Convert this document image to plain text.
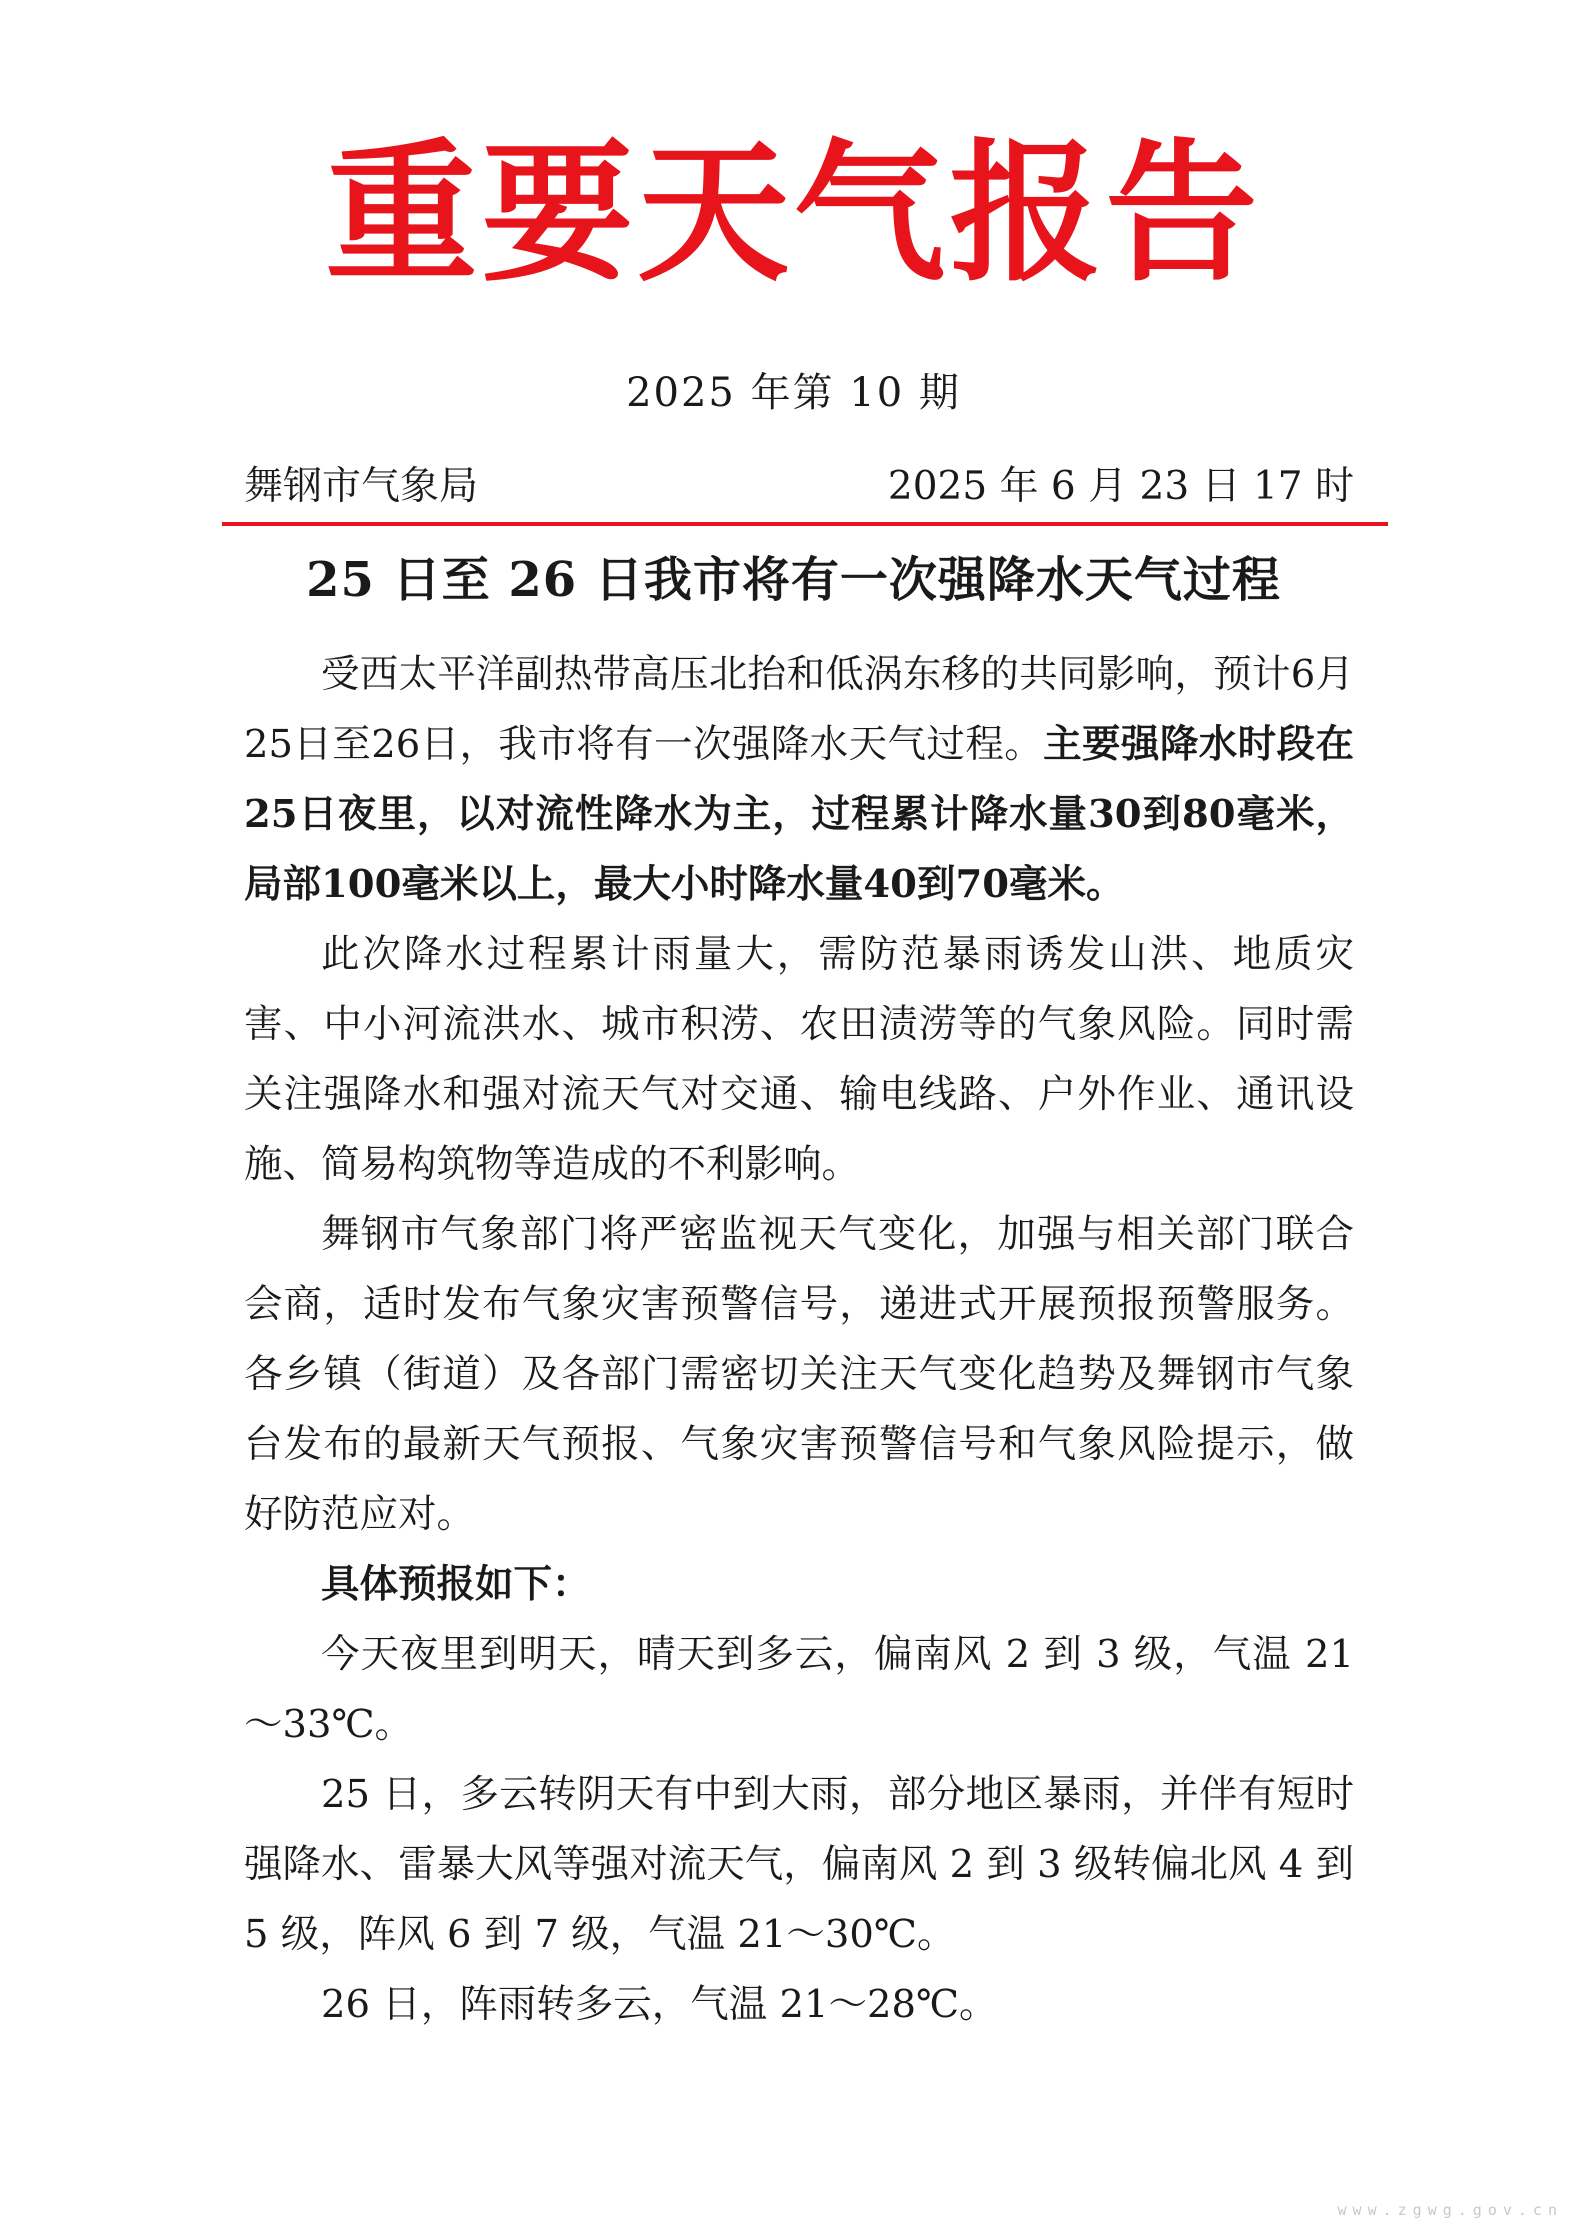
重要天气报告
2025 年第 10 期
舞钢市气象局	2025 年 6 月 23 日 17 时
25 日至 26 日我市将有一次强降水天气过程

受西太平洋副热带高压北抬和低涡东移的共同影响，预计6月25日至26日，我市将有一次强降水天气过程。主要强降水时段在25日夜里，以对流性降水为主，过程累计降水量30到80毫米，局部100毫米以上，最大小时降水量40到70毫米。

此次降水过程累计雨量大，需防范暴雨诱发山洪、地质灾害、中小河流洪水、城市积涝、农田渍涝等的气象风险。同时需关注强降水和强对流天气对交通、输电线路、户外作业、通讯设施、简易构筑物等造成的不利影响。

舞钢市气象部门将严密监视天气变化，加强与相关部门联合会商，适时发布气象灾害预警信号，递进式开展预报预警服务。各乡镇（街道）及各部门需密切关注天气变化趋势及舞钢市气象台发布的最新天气预报、气象灾害预警信号和气象风险提示，做好防范应对。

具体预报如下：

今天夜里到明天，晴天到多云，偏南风 2 到 3 级，气温 21～33℃。

25 日，多云转阴天有中到大雨，部分地区暴雨，并伴有短时强降水、雷暴大风等强对流天气，偏南风 2 到 3 级转偏北风 4 到 5 级，阵风 6 到 7 级，气温 21～30℃。

26 日，阵雨转多云，气温 21～28℃。

www.zgwg.gov.cn
